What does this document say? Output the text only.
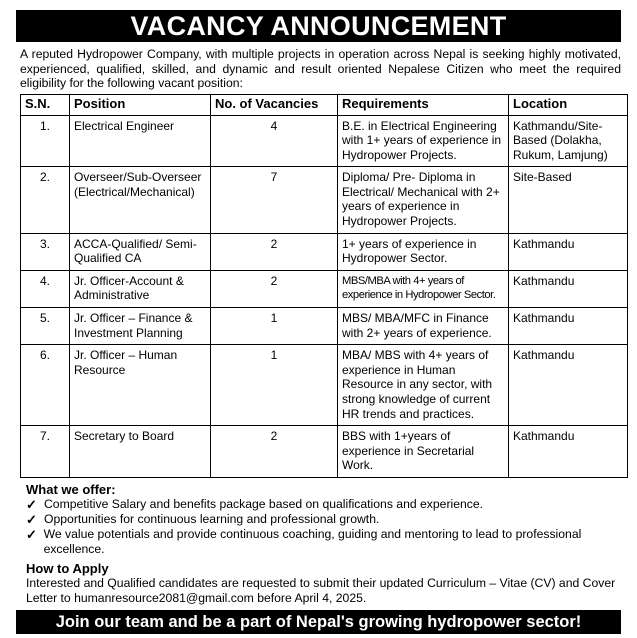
VACANCY ANNOUNCEMENT
A reputed Hydropower Company, with multiple projects in operation across Nepal is seeking highly motivated, experienced, qualified, skilled, and dynamic and result oriented Nepalese Citizen who meet the required eligibility for the following vacant position:
S.N.	Position	No. of Vacancies	Requirements	Location
1.	Electrical Engineer	4	B.E. in Electrical Engineering with 1+ years of experience in Hydropower Projects.	Kathmandu/Site-Based (Dolakha, Rukum, Lamjung)
2.	Overseer/Sub-Overseer (Electrical/Mechanical)	7	Diploma/ Pre- Diploma in Electrical/ Mechanical with 2+ years of experience in Hydropower Projects.	Site-Based
3.	ACCA-Qualified/ Semi-Qualified CA	2	1+ years of experience in Hydropower Sector.	Kathmandu
4.	Jr. Officer-Account & Administrative	2	MBS/MBA with 4+ years of experience in Hydropower Sector.	Kathmandu
5.	Jr. Officer – Finance & Investment Planning	1	MBS/ MBA/MFC in Finance with 2+ years of experience.	Kathmandu
6.	Jr. Officer – Human Resource	1	MBA/ MBS with 4+ years of experience in Human Resource in any sector, with strong knowledge of current HR trends and practices.	Kathmandu
7.	Secretary to Board	2	BBS with 1+years of experience in Secretarial Work.	Kathmandu
What we offer:
✓ Competitive Salary and benefits package based on qualifications and experience.
✓ Opportunities for continuous learning and professional growth.
✓ We value potentials and provide continuous coaching, guiding and mentoring to lead to professional excellence.
How to Apply
Interested and Qualified candidates are requested to submit their updated Curriculum – Vitae (CV) and Cover Letter to humanresource2081@gmail.com before April 4, 2025.
Join our team and be a part of Nepal's growing hydropower sector!
